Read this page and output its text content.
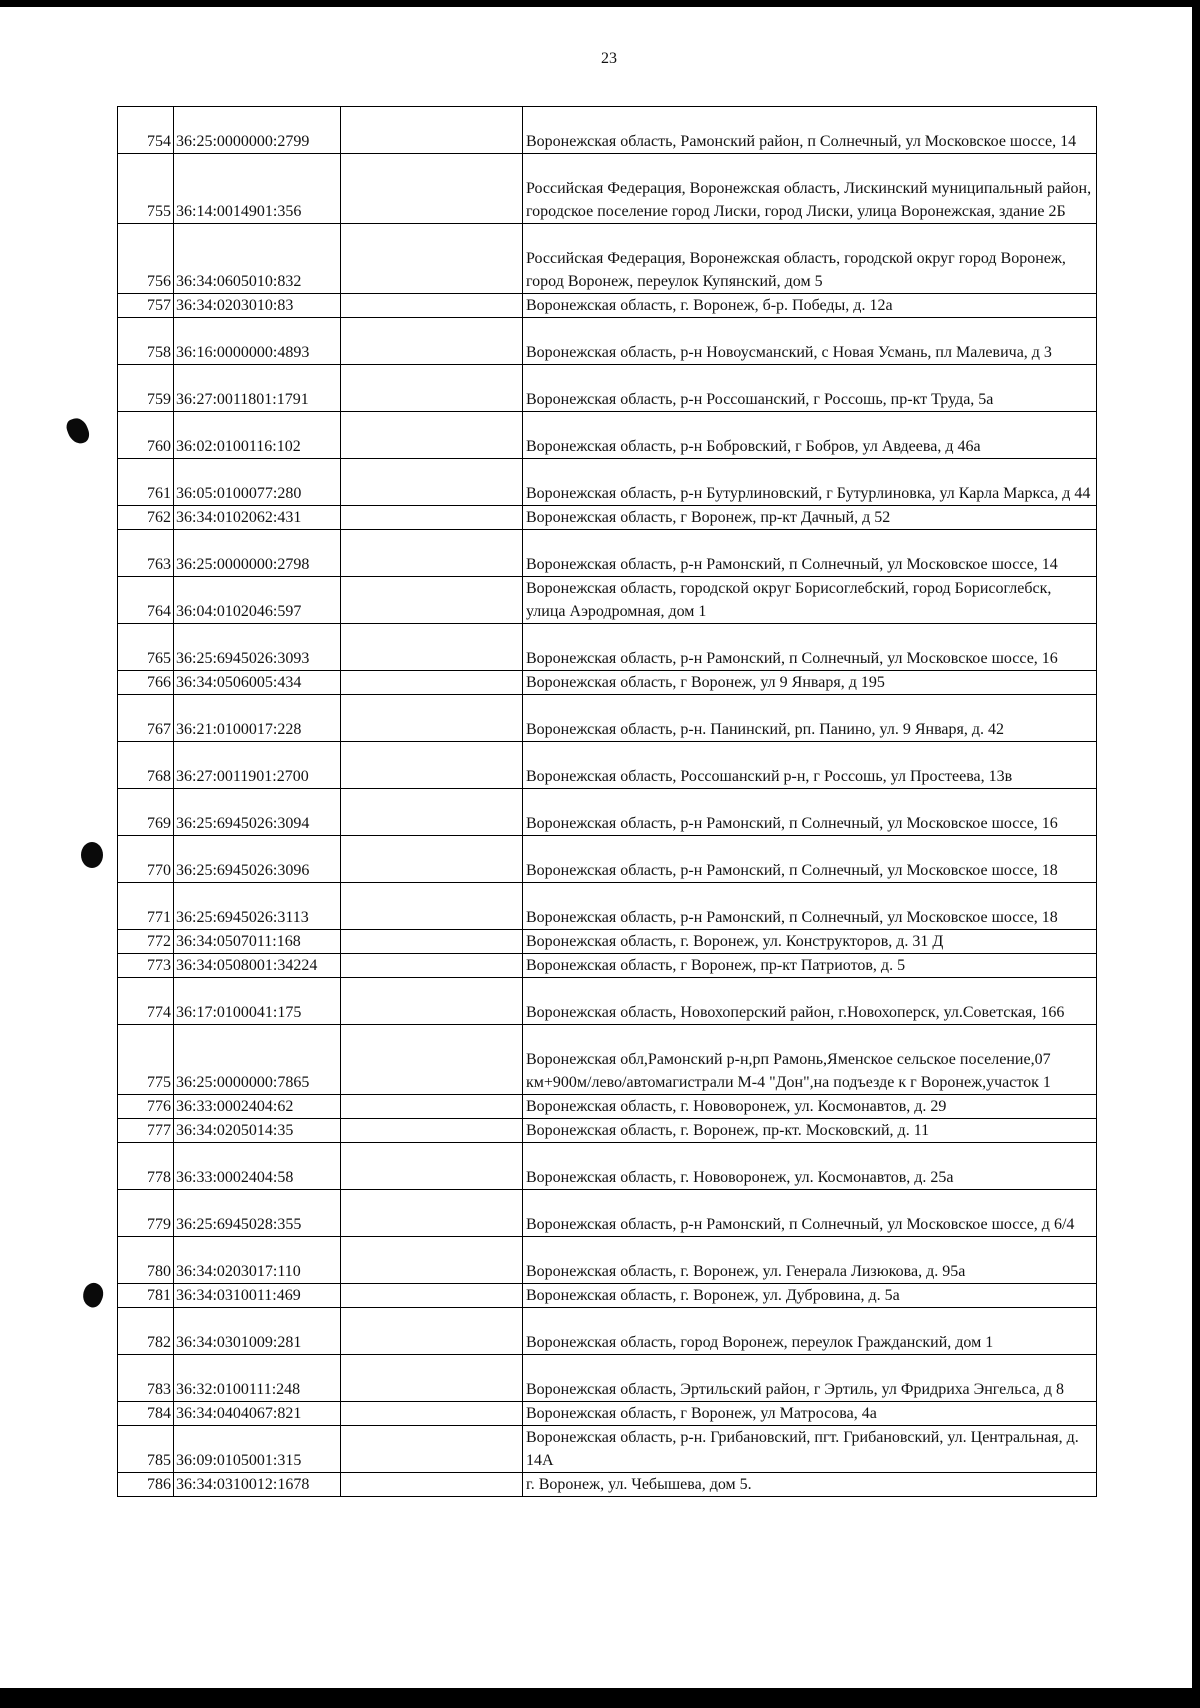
23
754	36:25:0000000:2799		Воронежская область, Рамонский район, п Солнечный, ул Московское шоссе, 14
755	36:14:0014901:356		Российская Федерация, Воронежская область, Лискинский муниципальный район, городское поселение город Лиски, город Лиски, улица Воронежская, здание 2Б
756	36:34:0605010:832		Российская Федерация, Воронежская область, городской округ город Воронеж, город Воронеж, переулок Купянский, дом 5
757	36:34:0203010:83		Воронежская область, г. Воронеж, б-р. Победы, д. 12а
758	36:16:0000000:4893		Воронежская область, р-н Новоусманский, с Новая Усмань, пл Малевича, д 3
759	36:27:0011801:1791		Воронежская область, р-н Россошанский, г Россошь, пр-кт Труда, 5а
760	36:02:0100116:102		Воронежская область, р-н Бобровский, г Бобров, ул Авдеева, д 46а
761	36:05:0100077:280		Воронежская область, р-н Бутурлиновский, г Бутурлиновка, ул Карла Маркса, д 44
762	36:34:0102062:431		Воронежская область, г Воронеж, пр-кт Дачный, д 52
763	36:25:0000000:2798		Воронежская область, р-н Рамонский, п Солнечный, ул Московское шоссе, 14
764	36:04:0102046:597		Воронежская область, городской округ Борисоглебский, город Борисоглебск, улица Аэродромная, дом 1
765	36:25:6945026:3093		Воронежская область, р-н Рамонский, п Солнечный, ул Московское шоссе, 16
766	36:34:0506005:434		Воронежская область, г Воронеж, ул 9 Января, д 195
767	36:21:0100017:228		Воронежская область, р-н. Панинский, рп. Панино, ул. 9 Января, д. 42
768	36:27:0011901:2700		Воронежская область, Россошанский р-н, г Россошь, ул Простеева, 13в
769	36:25:6945026:3094		Воронежская область, р-н Рамонский, п Солнечный, ул Московское шоссе, 16
770	36:25:6945026:3096		Воронежская область, р-н Рамонский, п Солнечный, ул Московское шоссе, 18
771	36:25:6945026:3113		Воронежская область, р-н Рамонский, п Солнечный, ул Московское шоссе, 18
772	36:34:0507011:168		Воронежская область, г. Воронеж, ул. Конструкторов, д. 31 Д
773	36:34:0508001:34224		Воронежская область, г Воронеж, пр-кт Патриотов, д. 5
774	36:17:0100041:175		Воронежская область, Новохоперский район, г.Новохоперск, ул.Советская, 166
775	36:25:0000000:7865		Воронежская обл,Рамонский р-н,рп Рамонь,Яменское сельское поселение,07 км+900м/лево/автомагистрали М-4 "Дон",на подъезде к г Воронеж,участок 1
776	36:33:0002404:62		Воронежская область, г. Нововоронеж, ул. Космонавтов, д. 29
777	36:34:0205014:35		Воронежская область, г. Воронеж, пр-кт. Московский, д. 11
778	36:33:0002404:58		Воронежская область, г. Нововоронеж, ул. Космонавтов, д. 25а
779	36:25:6945028:355		Воронежская область, р-н Рамонский, п Солнечный, ул Московское шоссе, д 6/4
780	36:34:0203017:110		Воронежская область, г. Воронеж, ул. Генерала Лизюкова, д. 95а
781	36:34:0310011:469		Воронежская область, г. Воронеж, ул. Дубровина, д. 5а
782	36:34:0301009:281		Воронежская область, город Воронеж, переулок Гражданский, дом 1
783	36:32:0100111:248		Воронежская область, Эртильский район, г Эртиль, ул Фридриха Энгельса, д 8
784	36:34:0404067:821		Воронежская область, г Воронеж, ул Матросова, 4а
785	36:09:0105001:315		Воронежская область, р-н. Грибановский, пгт. Грибановский, ул. Центральная, д. 14А
786	36:34:0310012:1678		г. Воронеж, ул. Чебышева, дом 5.
